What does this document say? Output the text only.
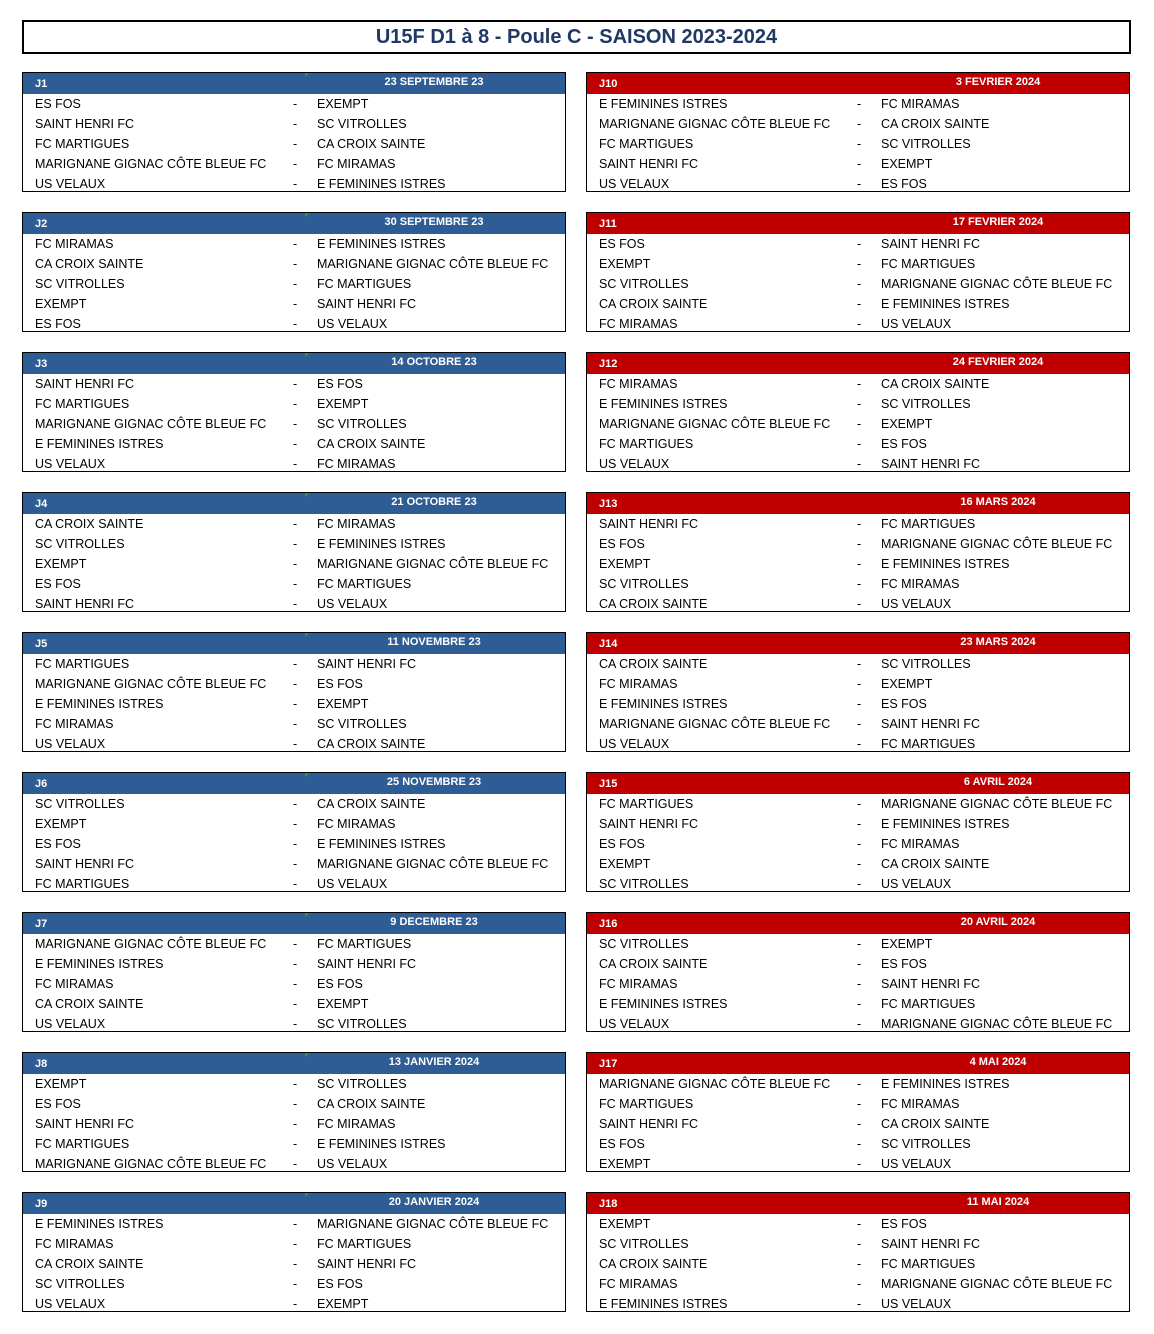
U15F D1 à 8 - Poule C - SAISON 2023-2024
J1	23 SEPTEMBRE 23
ES FOS	- EXEMPT
SAINT HENRI FC	- SC VITROLLES
FC MARTIGUES	- CA CROIX SAINTE
MARIGNANE GIGNAC CÔTE BLEUE FC - FC MIRAMAS
US VELAUX	- E FEMININES ISTRES
J2	30 SEPTEMBRE 23
FC MIRAMAS	- E FEMININES ISTRES
CA CROIX SAINTE	- MARIGNANE GIGNAC CÔTE BLEUE FC
SC VITROLLES	- FC MARTIGUES
EXEMPT	- SAINT HENRI FC
ES FOS	- US VELAUX
J3	14 OCTOBRE 23
SAINT HENRI FC	- ES FOS
FC MARTIGUES	- EXEMPT
MARIGNANE GIGNAC CÔTE BLEUE FC - SC VITROLLES
E FEMININES ISTRES	- CA CROIX SAINTE
US VELAUX	- FC MIRAMAS
J4	21 OCTOBRE 23
CA CROIX SAINTE	- FC MIRAMAS
SC VITROLLES	- E FEMININES ISTRES
EXEMPT	- MARIGNANE GIGNAC CÔTE BLEUE FC
ES FOS	- FC MARTIGUES
SAINT HENRI FC	- US VELAUX
J5	11 NOVEMBRE 23
FC MARTIGUES	- SAINT HENRI FC
MARIGNANE GIGNAC CÔTE BLEUE FC - ES FOS
E FEMININES ISTRES	- EXEMPT
FC MIRAMAS	- SC VITROLLES
US VELAUX	- CA CROIX SAINTE
J6	25 NOVEMBRE 23
SC VITROLLES	- CA CROIX SAINTE
EXEMPT	- FC MIRAMAS
ES FOS	- E FEMININES ISTRES
SAINT HENRI FC	- MARIGNANE GIGNAC CÔTE BLEUE FC
FC MARTIGUES	- US VELAUX
J7	9 DECEMBRE 23
MARIGNANE GIGNAC CÔTE BLEUE FC - FC MARTIGUES
E FEMININES ISTRES	- SAINT HENRI FC
FC MIRAMAS	- ES FOS
CA CROIX SAINTE	- EXEMPT
US VELAUX	- SC VITROLLES
J8	13 JANVIER 2024
EXEMPT	- SC VITROLLES
ES FOS	- CA CROIX SAINTE
SAINT HENRI FC	- FC MIRAMAS
FC MARTIGUES	- E FEMININES ISTRES
MARIGNANE GIGNAC CÔTE BLEUE FC - US VELAUX
J9	20 JANVIER 2024
E FEMININES ISTRES	- MARIGNANE GIGNAC CÔTE BLEUE FC
FC MIRAMAS	- FC MARTIGUES
CA CROIX SAINTE	- SAINT HENRI FC
SC VITROLLES	- ES FOS
US VELAUX	- EXEMPT
J10	3 FEVRIER 2024
E FEMININES ISTRES	- FC MIRAMAS
MARIGNANE GIGNAC CÔTE BLEUE FC - CA CROIX SAINTE
FC MARTIGUES	- SC VITROLLES
SAINT HENRI FC	- EXEMPT
US VELAUX	- ES FOS
J11	17 FEVRIER 2024
ES FOS	- SAINT HENRI FC
EXEMPT	- FC MARTIGUES
SC VITROLLES	- MARIGNANE GIGNAC CÔTE BLEUE FC
CA CROIX SAINTE	- E FEMININES ISTRES
FC MIRAMAS	- US VELAUX
J12	24 FEVRIER 2024
FC MIRAMAS	- CA CROIX SAINTE
E FEMININES ISTRES	- SC VITROLLES
MARIGNANE GIGNAC CÔTE BLEUE FC - EXEMPT
FC MARTIGUES	- ES FOS
US VELAUX	- SAINT HENRI FC
J13	16 MARS 2024
SAINT HENRI FC	- FC MARTIGUES
ES FOS	- MARIGNANE GIGNAC CÔTE BLEUE FC
EXEMPT	- E FEMININES ISTRES
SC VITROLLES	- FC MIRAMAS
CA CROIX SAINTE	- US VELAUX
J14	23 MARS 2024
CA CROIX SAINTE	- SC VITROLLES
FC MIRAMAS	- EXEMPT
E FEMININES ISTRES	- ES FOS
MARIGNANE GIGNAC CÔTE BLEUE FC - SAINT HENRI FC
US VELAUX	- FC MARTIGUES
J15	6 AVRIL 2024
FC MARTIGUES	- MARIGNANE GIGNAC CÔTE BLEUE FC
SAINT HENRI FC	- E FEMININES ISTRES
ES FOS	- FC MIRAMAS
EXEMPT	- CA CROIX SAINTE
SC VITROLLES	- US VELAUX
J16	20 AVRIL 2024
SC VITROLLES	- EXEMPT
CA CROIX SAINTE	- ES FOS
FC MIRAMAS	- SAINT HENRI FC
E FEMININES ISTRES	- FC MARTIGUES
US VELAUX	- MARIGNANE GIGNAC CÔTE BLEUE FC
J17	4 MAI 2024
MARIGNANE GIGNAC CÔTE BLEUE FC - E FEMININES ISTRES
FC MARTIGUES	- FC MIRAMAS
SAINT HENRI FC	- CA CROIX SAINTE
ES FOS	- SC VITROLLES
EXEMPT	- US VELAUX
J18	11 MAI 2024
EXEMPT	- ES FOS
SC VITROLLES	- SAINT HENRI FC
CA CROIX SAINTE	- FC MARTIGUES
FC MIRAMAS	- MARIGNANE GIGNAC CÔTE BLEUE FC
E FEMININES ISTRES	- US VELAUX
